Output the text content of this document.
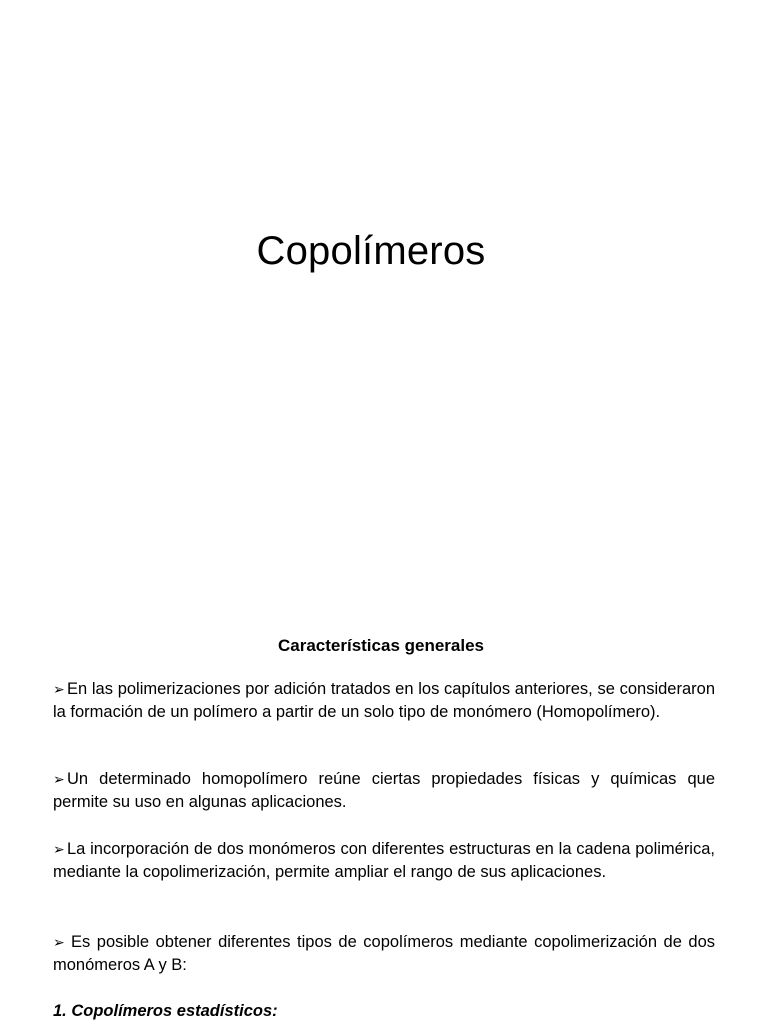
Copolímeros
Características generales
➢ En las polimerizaciones por adición tratados en los capítulos anteriores, se consideraron la formación de un polímero a partir de un solo tipo de monómero (Homopolímero).
➢ Un determinado homopolímero reúne ciertas propiedades físicas y químicas que permite su uso en algunas aplicaciones.
➢ La incorporación de dos monómeros con diferentes estructuras en la cadena polimérica, mediante la copolimerización, permite ampliar el rango de sus aplicaciones.
➢ Es posible obtener diferentes tipos de copolímeros mediante copolimerización de dos monómeros A y B:
1. Copolímeros estadísticos:
